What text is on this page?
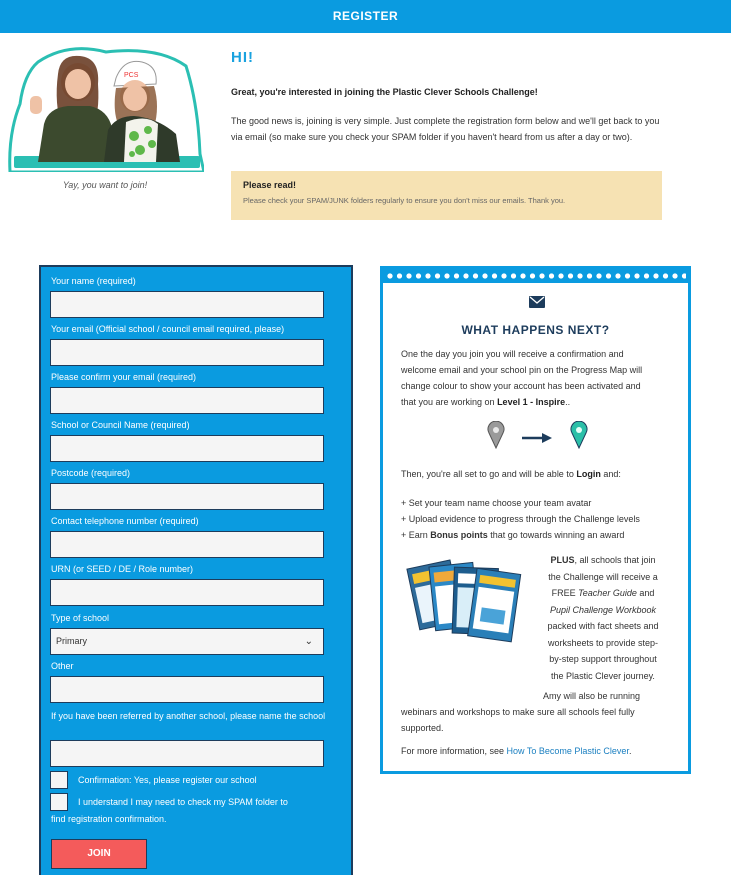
REGISTER
PCS
Yay, you want to join!
HI!
Great, you're interested in joining the Plastic Clever Schools Challenge!
The good news is, joining is very simple. Just complete the registration form below and we'll get back to you via email (so make sure you check your SPAM folder if you haven't heard from us after a day or two).
Please read!
Please check your SPAM/JUNK folders regularly to ensure you don't miss our emails. Thank you.
Your name (required)
Your email (Official school / council email required, please)
Please confirm your email (required)
School or Council Name (required)
Postcode (required)
Contact telephone number (required)
URN (or SEED / DE / Role number)
Type of school
Primary	⌄
Other
If you have been referred by another school, please name the school
Confirmation: Yes, please register our school
I understand I may need to check my SPAM folder to
find registration confirmation.
JOIN
WHAT HAPPENS NEXT?
One the day you join you will receive a confirmation and
welcome email and your school pin on the Progress Map will
change colour to show your account has been activated and
that you are working on Level 1 - Inspire..
Then, you're all set to go and will be able to Login and:
+ Set your team name choose your team avatar
+ Upload evidence to progress through the Challenge levels
+ Earn Bonus points that go towards winning an award
PLUS, all schools that join
the Challenge will receive a
FREE Teacher Guide and
Pupil Challenge Workbook
packed with fact sheets and
worksheets to provide step-
by-step support throughout
the Plastic Clever journey.
Amy will also be running webinars and workshops to make sure all schools feel fully supported.
For more information, see How To Become Plastic Clever.
